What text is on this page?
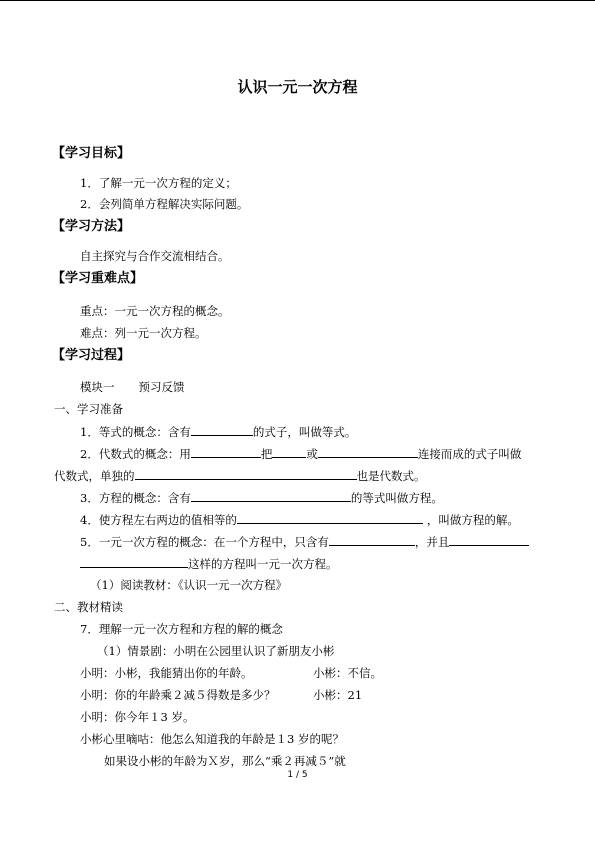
认识一元一次方程
【学习目标】
1．了解一元一次方程的定义；
2．会列简单方程解决实际问题。
【学习方法】
自主探究与合作交流相结合。
【学习重难点】
重点：一元一次方程的概念。
难点：列一元一次方程。
【学习过程】
模块一 预习反馈
一、学习准备
1．等式的概念：含有	的式子，叫做等式。
2．代数式的概念：用	把	或	连接而成的式子叫做
代数式，单独的	也是代数式。
3．方程的概念：含有	的等式叫做方程。
4．使方程左右两边的值相等的	，叫做方程的解。
5．一元一次方程的概念：在一个方程中，只含有	，并且
这样的方程叫一元一次方程。
（1）阅读教材：《认识一元一次方程》
二、教材精读
7．理解一元一次方程和方程的解的概念
（1）情景剧：小明在公园里认识了新朋友小彬
小明：小彬，我能猜出你的年龄。	小彬：不信。
小明：你的年龄乘２减５得数是多少？	小彬：21
小明：你今年１3 岁。
小彬心里嘀咕：他怎么知道我的年龄是１3 岁的呢？
如果设小彬的年龄为Ｘ岁，那么“乘２再减５”就
1 / 5
